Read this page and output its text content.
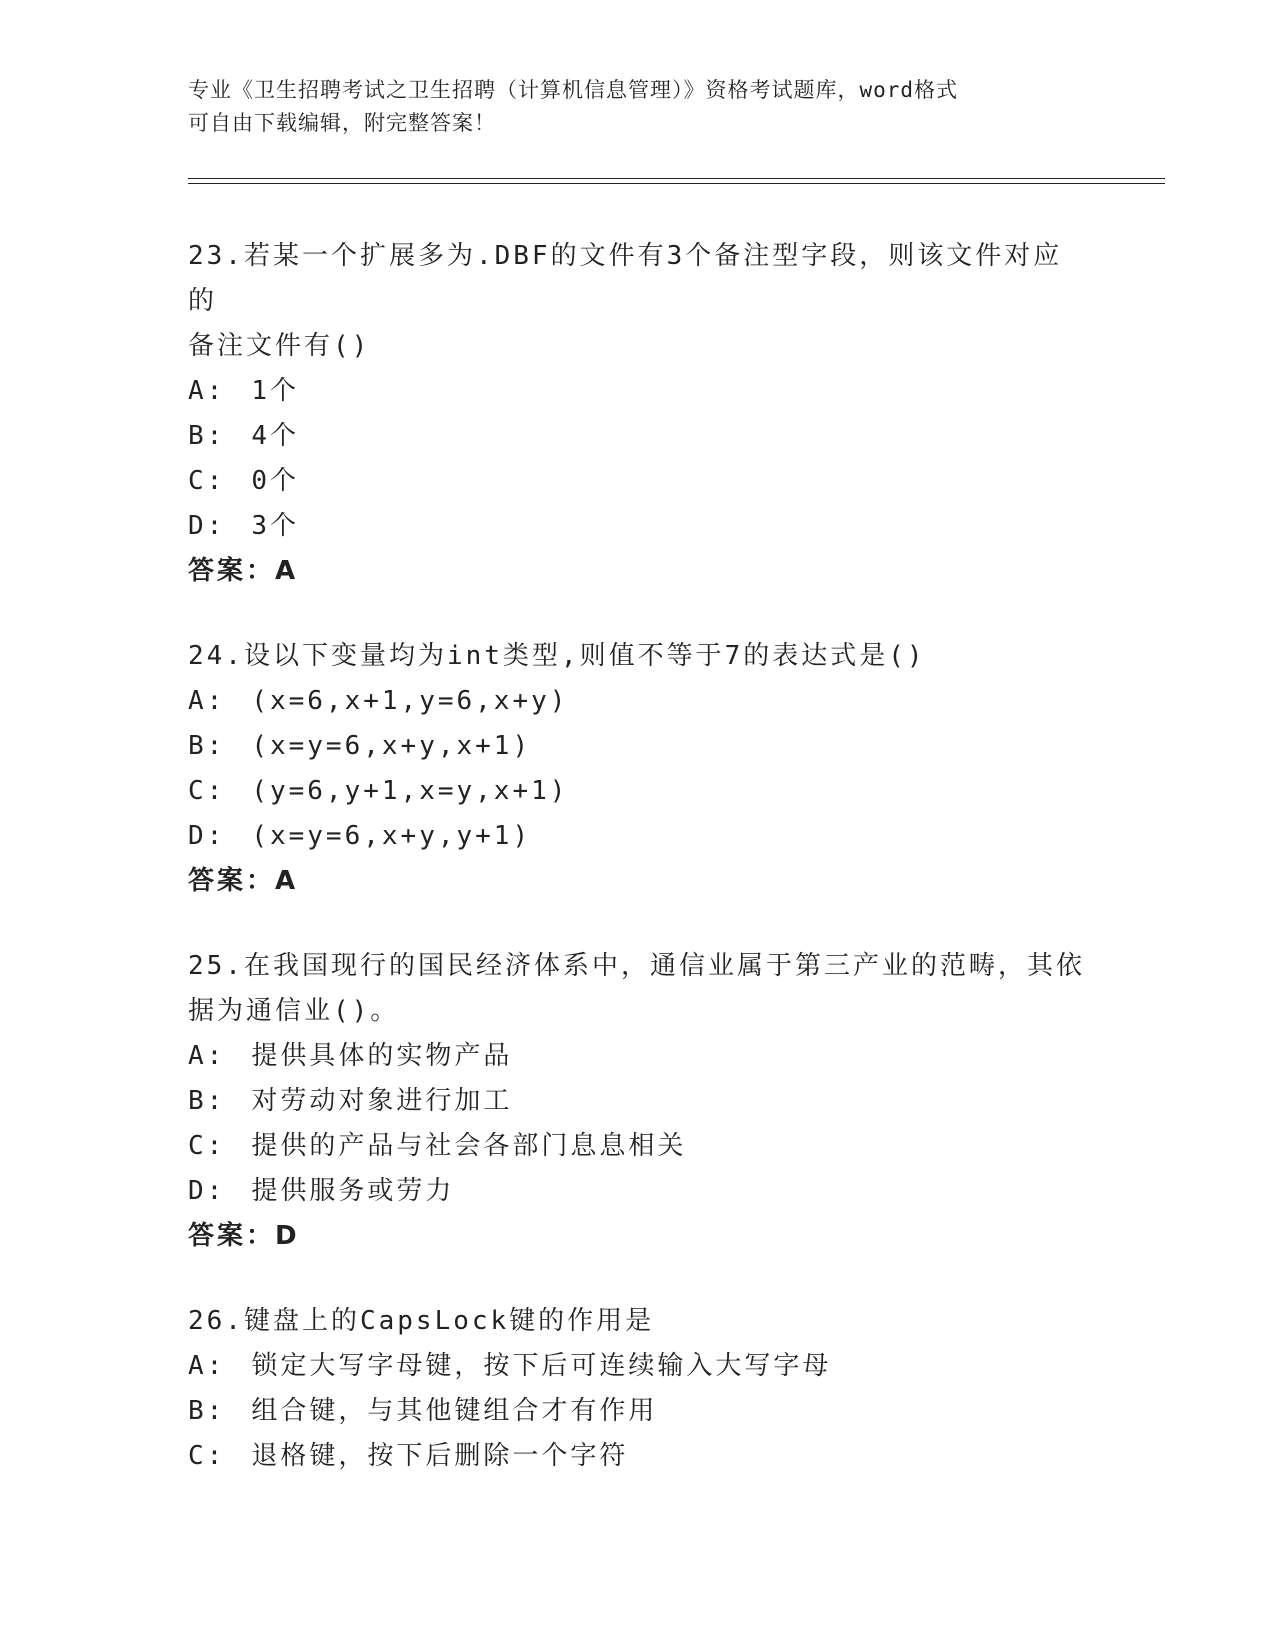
专业《卫生招聘考试之卫生招聘（计算机信息管理）》资格考试题库，word格式
可自由下载编辑，附完整答案！
23.若某一个扩展多为.DBF的文件有3个备注型字段，则该文件对应的
备注文件有()
A: 1个
B: 4个
C: 0个
D: 3个
答案：A
24.设以下变量均为int类型,则值不等于7的表达式是()
A: (x=6,x+1,y=6,x+y)
B: (x=y=6,x+y,x+1)
C: (y=6,y+1,x=y,x+1)
D: (x=y=6,x+y,y+1)
答案：A
25.在我国现行的国民经济体系中，通信业属于第三产业的范畴，其依
据为通信业()。
A: 提供具体的实物产品
B: 对劳动对象进行加工
C: 提供的产品与社会各部门息息相关
D: 提供服务或劳力
答案：D
26.键盘上的CapsLock键的作用是
A: 锁定大写字母键，按下后可连续输入大写字母
B: 组合键，与其他键组合才有作用
C: 退格键，按下后删除一个字符
